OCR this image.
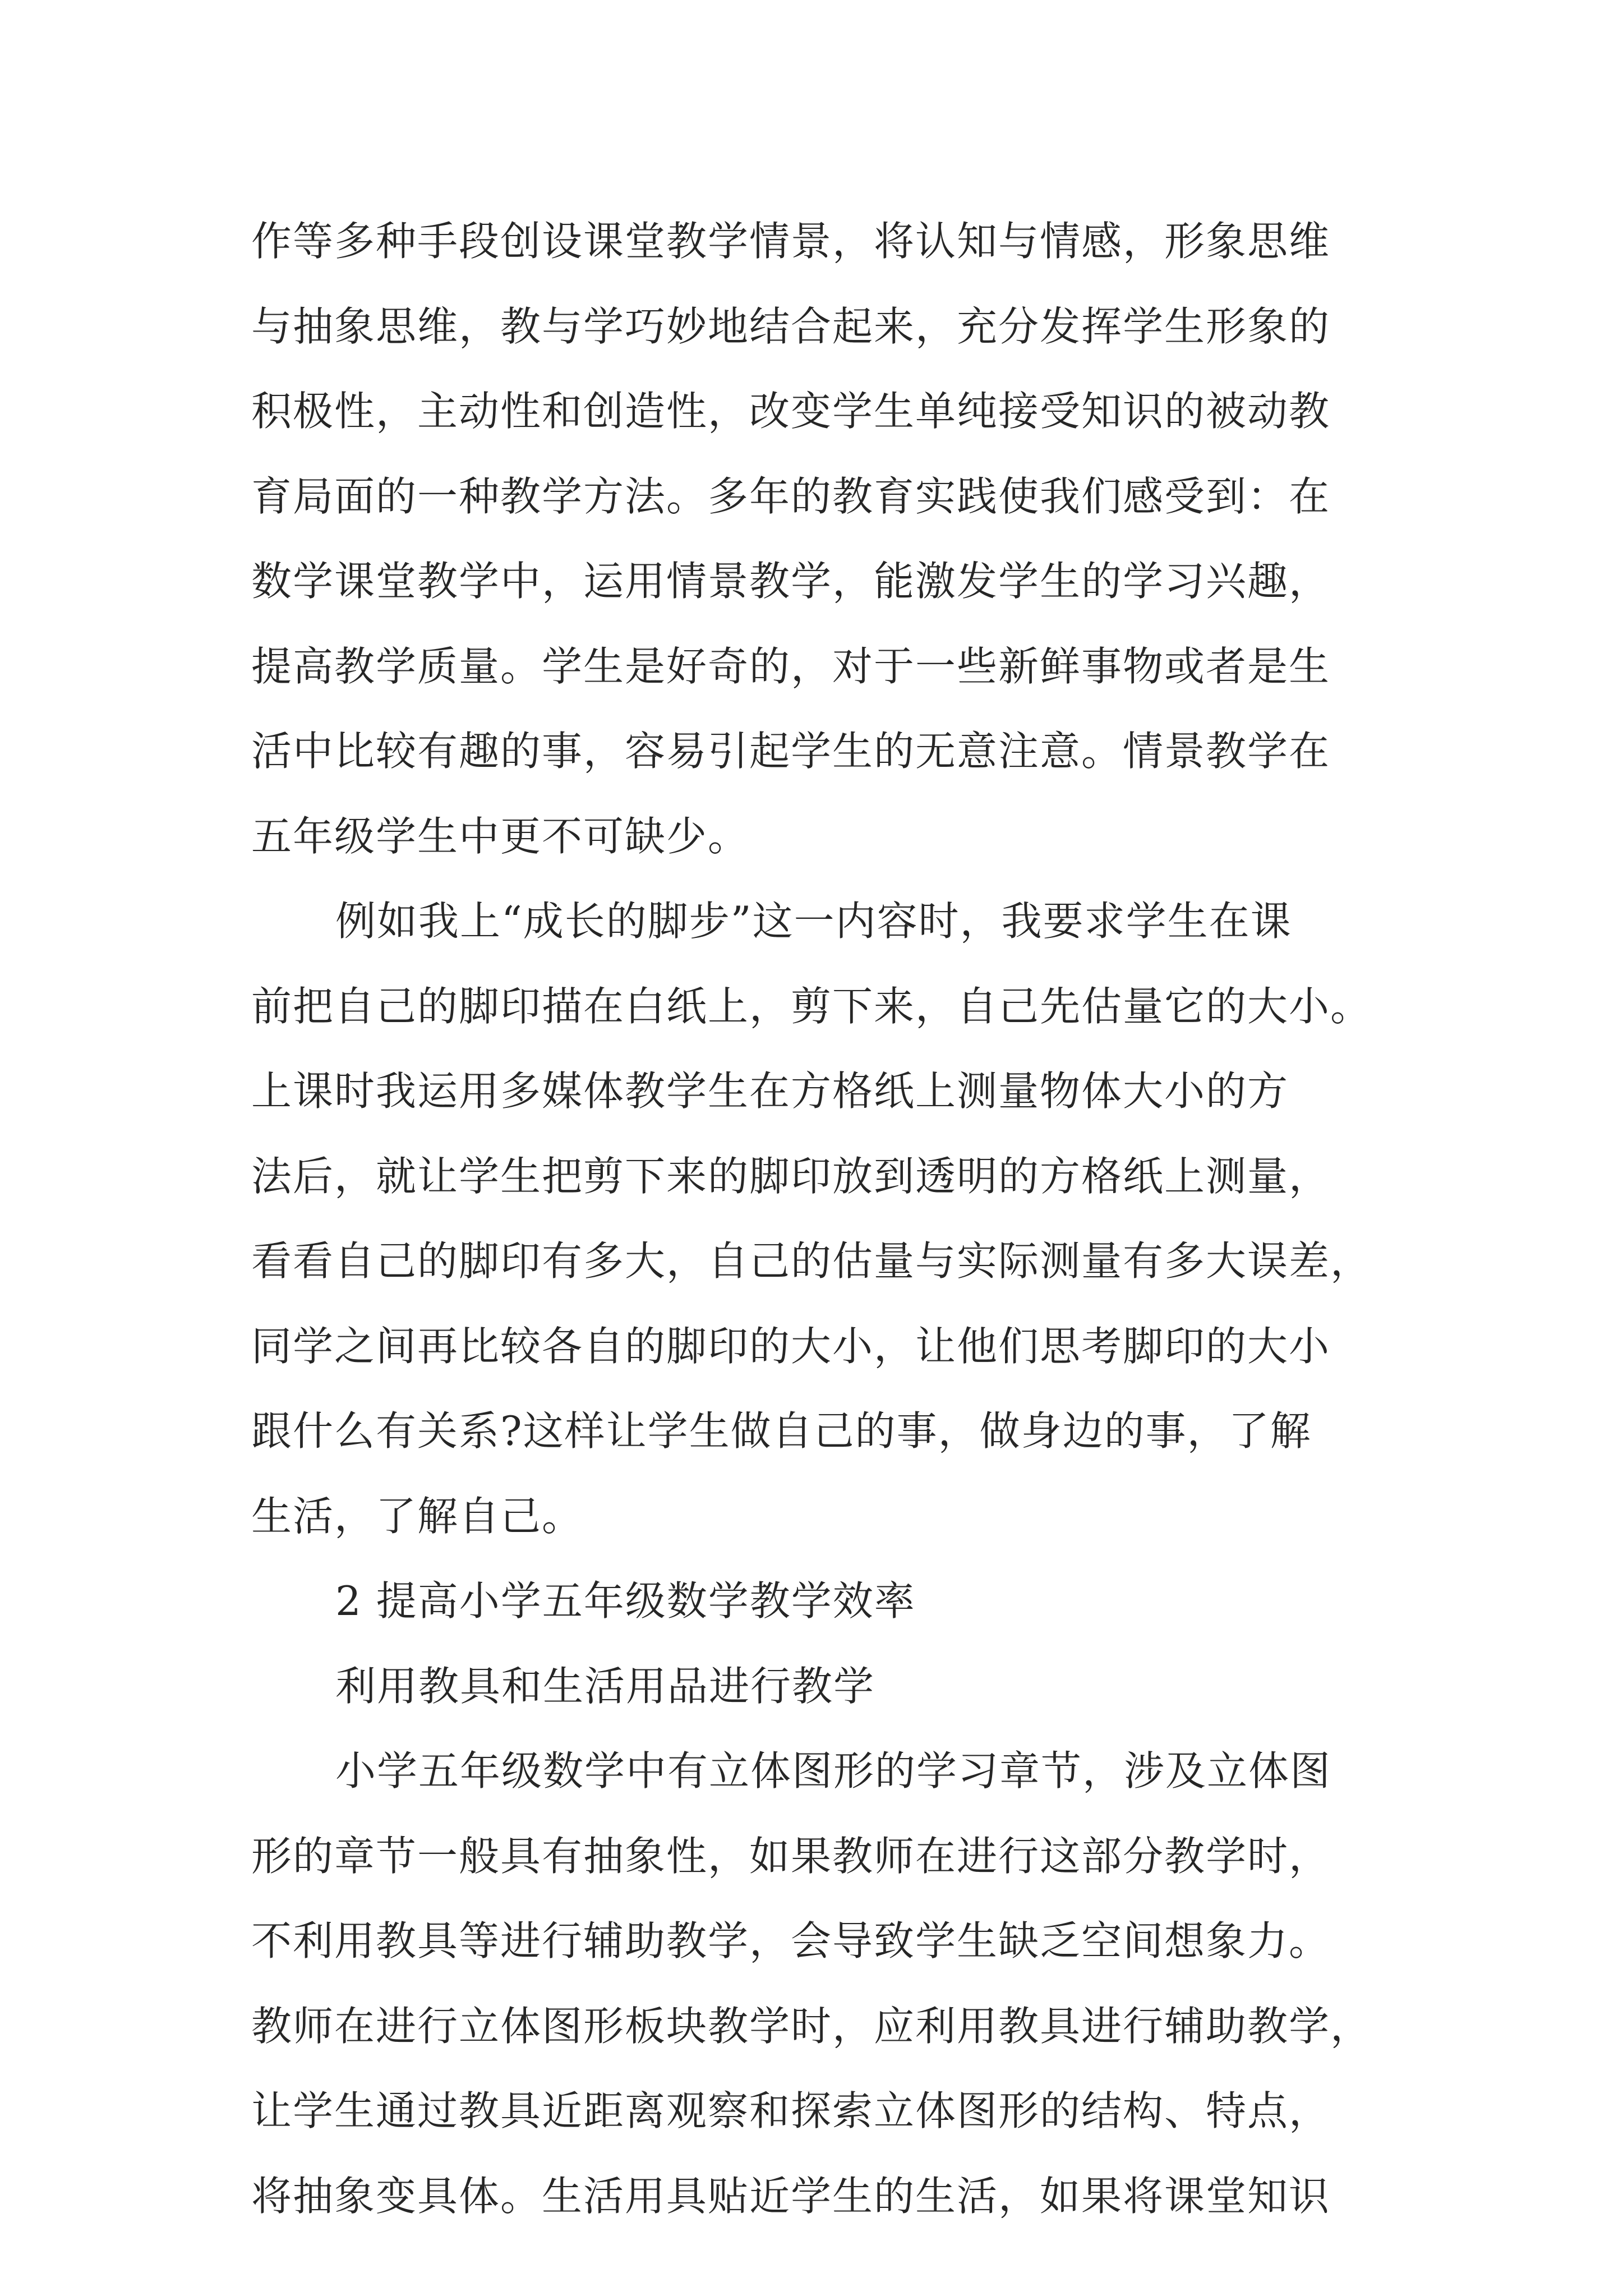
作等多种手段创设课堂教学情景，将认知与情感，形象思维
与抽象思维，教与学巧妙地结合起来，充分发挥学生形象的
积极性，主动性和创造性，改变学生单纯接受知识的被动教
育局面的一种教学方法。多年的教育实践使我们感受到：在
数学课堂教学中，运用情景教学，能激发学生的学习兴趣，
提高教学质量。学生是好奇的，对于一些新鲜事物或者是生
活中比较有趣的事，容易引起学生的无意注意。情景教学在
五年级学生中更不可缺少。
例如我上“成长的脚步”这一内容时，我要求学生在课
前把自己的脚印描在白纸上，剪下来，自己先估量它的大小。
上课时我运用多媒体教学生在方格纸上测量物体大小的方
法后，就让学生把剪下来的脚印放到透明的方格纸上测量，
看看自己的脚印有多大，自己的估量与实际测量有多大误差，
同学之间再比较各自的脚印的大小，让他们思考脚印的大小
跟什么有关系?这样让学生做自己的事，做身边的事，了解
生活，了解自己。
2 提高小学五年级数学教学效率
利用教具和生活用品进行教学
小学五年级数学中有立体图形的学习章节，涉及立体图
形的章节一般具有抽象性，如果教师在进行这部分教学时，
不利用教具等进行辅助教学，会导致学生缺乏空间想象力。
教师在进行立体图形板块教学时，应利用教具进行辅助教学，
让学生通过教具近距离观察和探索立体图形的结构、特点，
将抽象变具体。生活用具贴近学生的生活，如果将课堂知识
